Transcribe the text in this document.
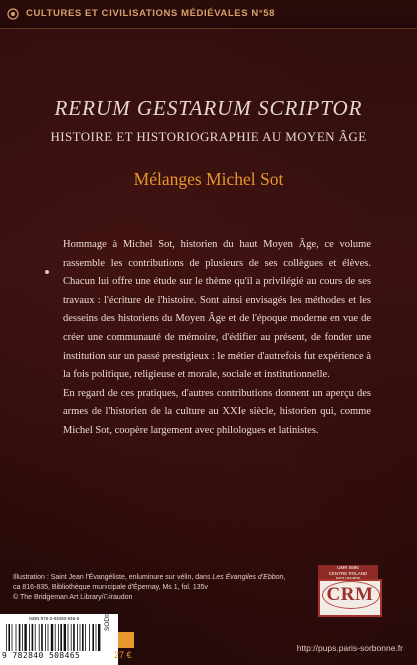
CULTURES ET CIVILISATIONS MÉDIÉVALES N°58
RERUM GESTARUM SCRIPTOR
HISTOIRE ET HISTORIOGRAPHIE AU MOYEN ÂGE
Mélanges Michel Sot

Hommage à Michel Sot, historien du haut Moyen Âge, ce volume rassemble les contributions de plusieurs de ses collègues et élèves. Chacun lui offre une étude sur le thème qu'il a privilégié au cours de ses travaux : l'écriture de l'histoire. Sont ainsi envisagés les méthodes et les desseins des historiens du Moyen Âge et de l'époque moderne en vue de créer une communauté de mémoire, d'édifier au présent, de fonder une institution sur un passé prestigieux : le métier d'autrefois fut expérience à la fois politique, religieuse et morale, sociale et institutionnelle.

En regard de ces pratiques, d'autres contributions donnent un aperçu des armes de l'historien de la culture au XXIe siècle, historien qui, comme Michel Sot, coopère largement avec philologues et latinistes.

Illustration : Saint Jean l'Évangéliste, enluminure sur vélin, dans Les Évangiles d'Ebbon,
ca 816-835, Bibliothèque municipale d'Épernay, Ms 1, fol. 135v
© The Bridgeman Art Library/Giraudon
UMR 8596
CENTRE ROLAND
CRM
ISBN 978-2-84050-646-5
9 782840 508465
SODIS F386474
27 €
http://pups.paris-sorbonne.fr
